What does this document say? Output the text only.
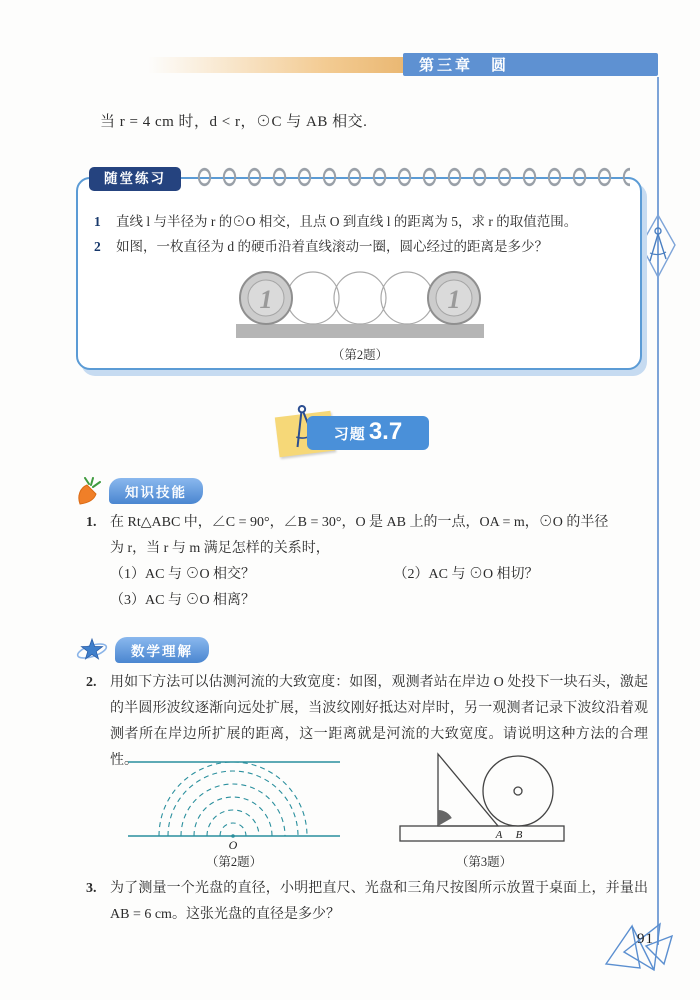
第三章　圆
当 r = 4 cm 时，d < r，⊙C 与 AB 相交.
随堂练习
1	直线 l 与半径为 r 的⊙O 相交，且点 O 到直线 l 的距离为 5，求 r 的取值范围。
2	如图，一枚直径为 d 的硬币沿着直线滚动一圈，圆心经过的距离是多少？
1	1
（第2题）
习题 3.7
知识技能
1. 在 Rt△ABC 中，∠C = 90°，∠B = 30°，O 是 AB 上的一点，OA = m，⊙O 的半径
为 r，当 r 与 m 满足怎样的关系时，
（1）AC 与 ⊙O 相交？	（2）AC 与 ⊙O 相切？
（3）AC 与 ⊙O 相离？
数学理解
2. 用如下方法可以估测河流的大致宽度：如图，观测者站在岸边 O 处投下一块石头，激起的半圆形波纹逐渐向远处扩展，当波纹刚好抵达对岸时，另一观测者记录下波纹沿着观测者所在岸边所扩展的距离，这一距离就是河流的大致宽度。请说明这种方法的合理性。
O
（第2题）
A B
（第3题）
3. 为了测量一个光盘的直径，小明把直尺、光盘和三角尺按图所示放置于桌面上，并量出 AB = 6 cm。这张光盘的直径是多少？
91
